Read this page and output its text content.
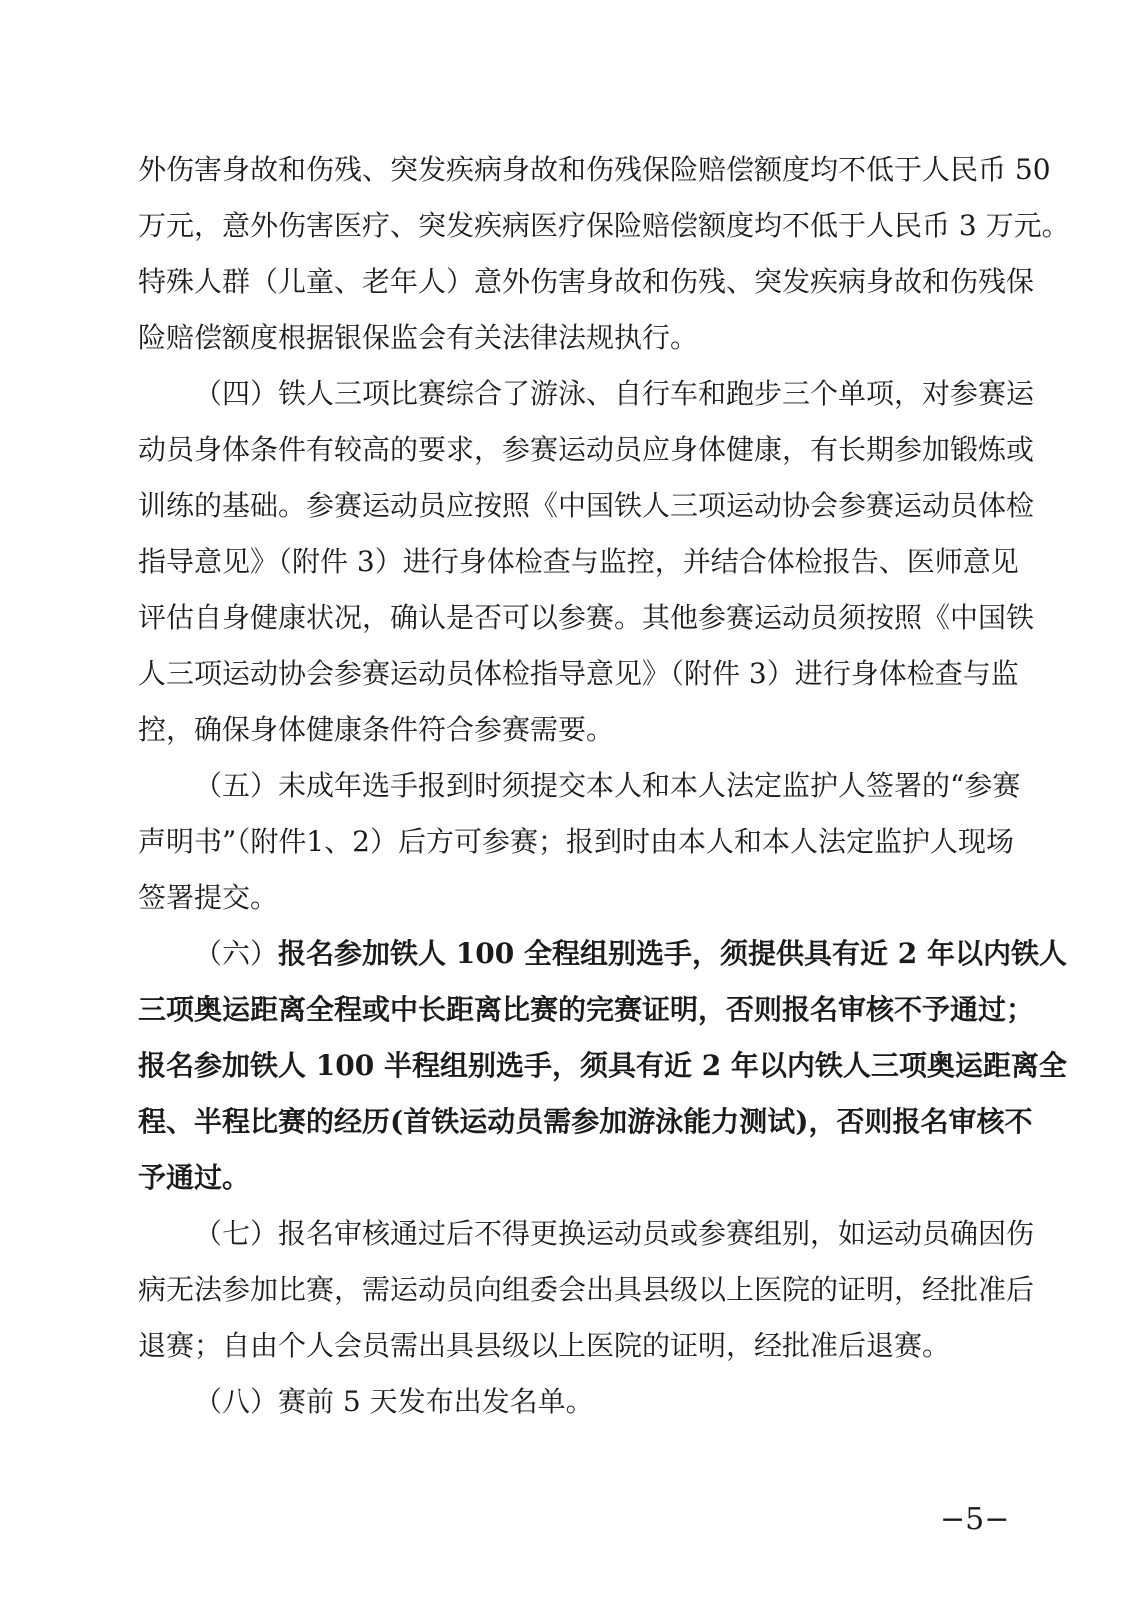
外伤害身故和伤残、突发疾病身故和伤残保险赔偿额度均不低于人民币 50
万元，意外伤害医疗、突发疾病医疗保险赔偿额度均不低于人民币 3 万元。
特殊人群（儿童、老年人）意外伤害身故和伤残、突发疾病身故和伤残保
险赔偿额度根据银保监会有关法律法规执行。
（四）铁人三项比赛综合了游泳、自行车和跑步三个单项，对参赛运
动员身体条件有较高的要求，参赛运动员应身体健康，有长期参加锻炼或
训练的基础。参赛运动员应按照《中国铁人三项运动协会参赛运动员体检
指导意见》（附件 3）进行身体检查与监控，并结合体检报告、医师意见
评估自身健康状况，确认是否可以参赛。其他参赛运动员须按照《中国铁
人三项运动协会参赛运动员体检指导意见》（附件 3）进行身体检查与监
控，确保身体健康条件符合参赛需要。
（五）未成年选手报到时须提交本人和本人法定监护人签署的“参赛
声明书”（附件1、2）后方可参赛；报到时由本人和本人法定监护人现场
签署提交。
（六） 报名参加铁人 100 全程组别选手，须提供具有近 2 年以内铁人
三项奥运距离全程或中长距离比赛的完赛证明，否则报名审核不予通过；
报名参加铁人 100 半程组别选手，须具有近 2 年以内铁人三项奥运距离全
程、半程比赛的经历(首铁运动员需参加游泳能力测试)，否则报名审核不
予通过。
（七）报名审核通过后不得更换运动员或参赛组别，如运动员确因伤
病无法参加比赛，需运动员向组委会出具县级以上医院的证明，经批准后
退赛；自由个人会员需出具县级以上医院的证明，经批准后退赛。
（八）赛前 5 天发布出发名单。
−5−
